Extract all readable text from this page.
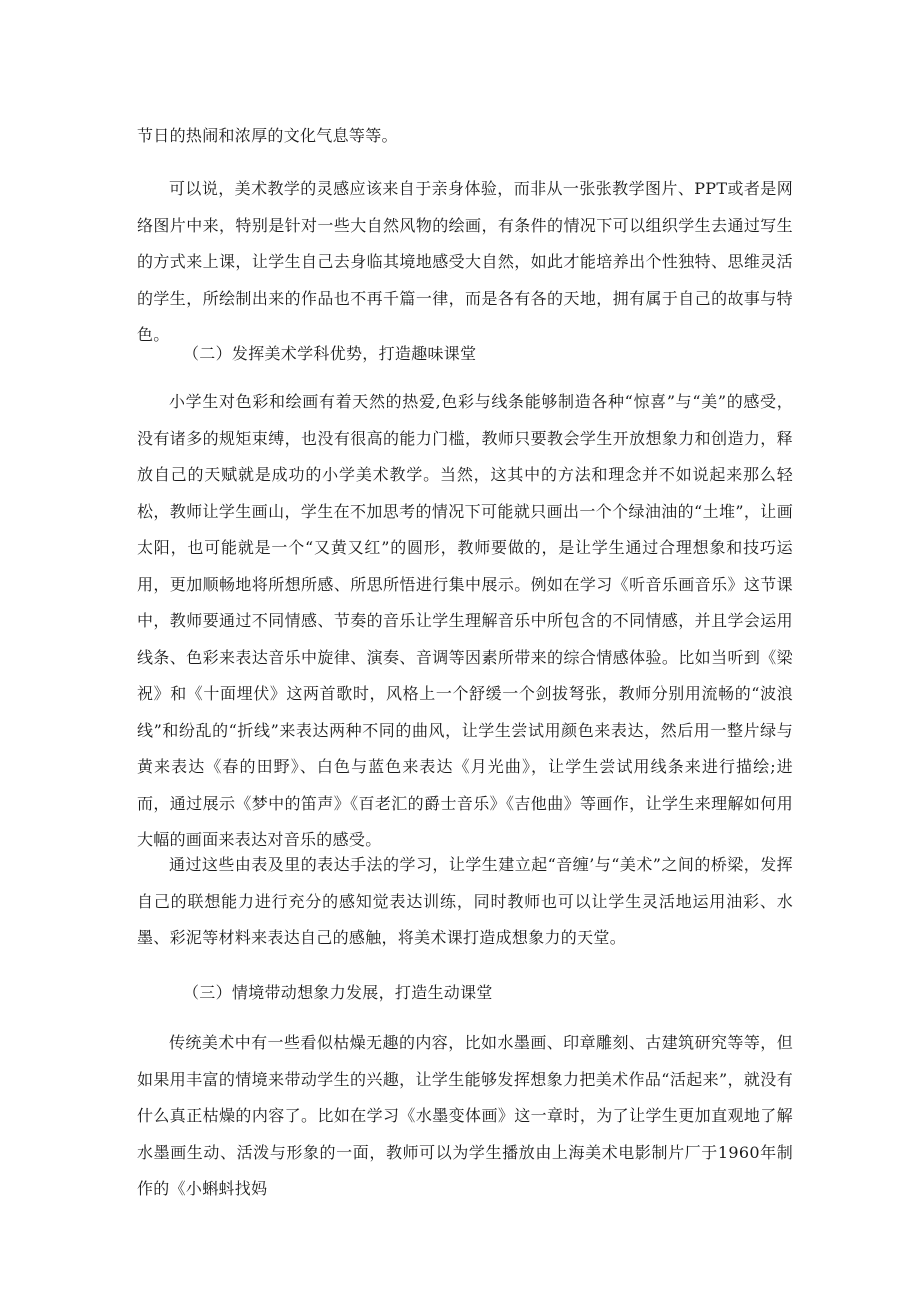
节日的热闹和浓厚的文化气息等等。

可以说，美术教学的灵感应该来自于亲身体验，而非从一张张教学图片、PPT或者是网络图片中来，特别是针对一些大自然风物的绘画，有条件的情况下可以组织学生去通过写生的方式来上课，让学生自己去身临其境地感受大自然，如此才能培养出个性独特、思维灵活的学生，所绘制出来的作品也不再千篇一律，而是各有各的天地，拥有属于自己的故事与特色。

（二）发挥美术学科优势，打造趣味课堂

小学生对色彩和绘画有着天然的热爱,色彩与线条能够制造各种“惊喜”与“美”的感受，没有诸多的规矩束缚，也没有很高的能力门槛，教师只要教会学生开放想象力和创造力，释放自己的天赋就是成功的小学美术教学。当然，这其中的方法和理念并不如说起来那么轻松，教师让学生画山，学生在不加思考的情况下可能就只画出一个个绿油油的“土堆”，让画太阳，也可能就是一个“又黄又红”的圆形，教师要做的，是让学生通过合理想象和技巧运用，更加顺畅地将所想所感、所思所悟进行集中展示。例如在学习《听音乐画音乐》这节课中，教师要通过不同情感、节奏的音乐让学生理解音乐中所包含的不同情感，并且学会运用线条、色彩来表达音乐中旋律、演奏、音调等因素所带来的综合情感体验。比如当听到《梁祝》和《十面埋伏》这两首歌时，风格上一个舒缓一个剑拔弩张，教师分别用流畅的“波浪线”和纷乱的“折线”来表达两种不同的曲风，让学生尝试用颜色来表达，然后用一整片绿与黄来表达《春的田野》、白色与蓝色来表达《月光曲》，让学生尝试用线条来进行描绘;进而，通过展示《梦中的笛声》《百老汇的爵士音乐》《吉他曲》等画作，让学生来理解如何用大幅的画面来表达对音乐的感受。

通过这些由表及里的表达手法的学习，让学生建立起“音缠’与“美术”之间的桥梁，发挥自己的联想能力进行充分的感知觉表达训练，同时教师也可以让学生灵活地运用油彩、水墨、彩泥等材料来表达自己的感触，将美术课打造成想象力的天堂。

（三）情境带动想象力发展，打造生动课堂

传统美术中有一些看似枯燥无趣的内容，比如水墨画、印章雕刻、古建筑研究等等，但如果用丰富的情境来带动学生的兴趣，让学生能够发挥想象力把美术作品“活起来”，就没有什么真正枯燥的内容了。比如在学习《水墨变体画》这一章时，为了让学生更加直观地了解水墨画生动、活泼与形象的一面，教师可以为学生播放由上海美术电影制片厂于1960年制作的《小蝌蚪找妈
